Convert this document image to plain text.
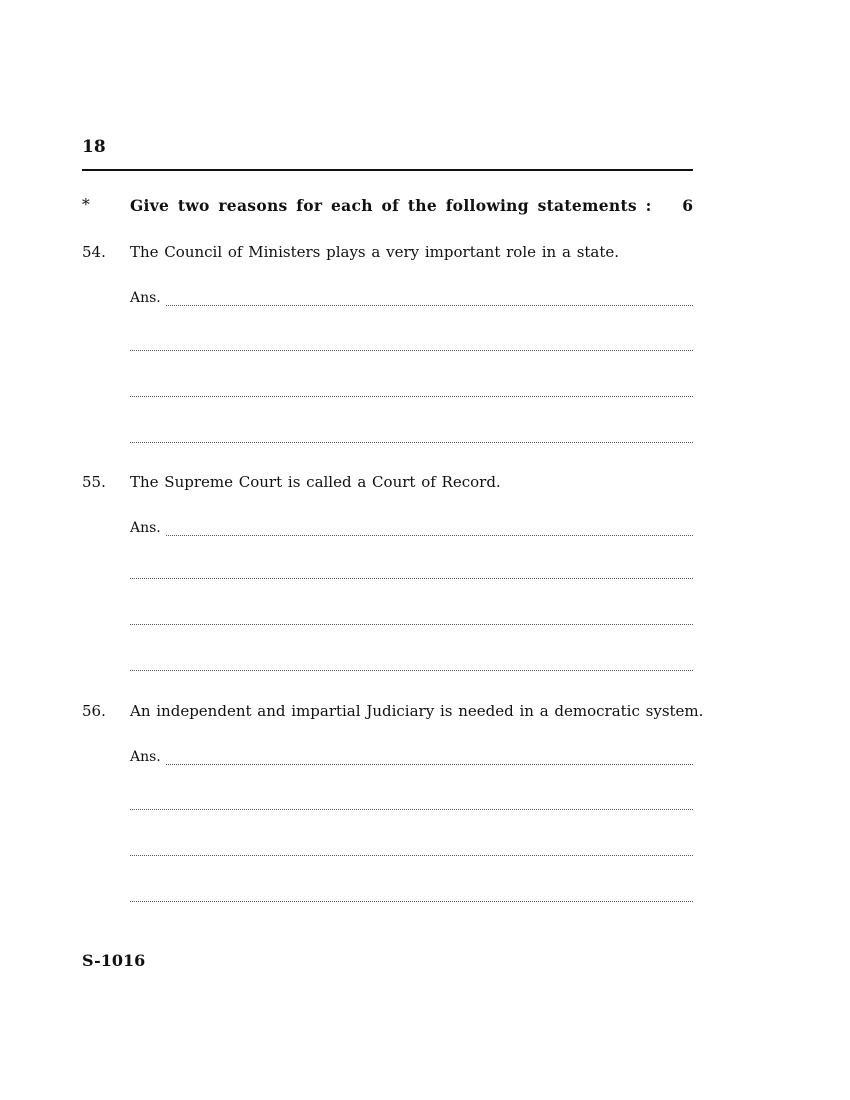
18
*	Give two reasons for each of the following statements : 6
54. The Council of Ministers plays a very important role in a state.
Ans.
55. The Supreme Court is called a Court of Record.
Ans.
56. An independent and impartial Judiciary is needed in a democratic system.
Ans.
S-1016
